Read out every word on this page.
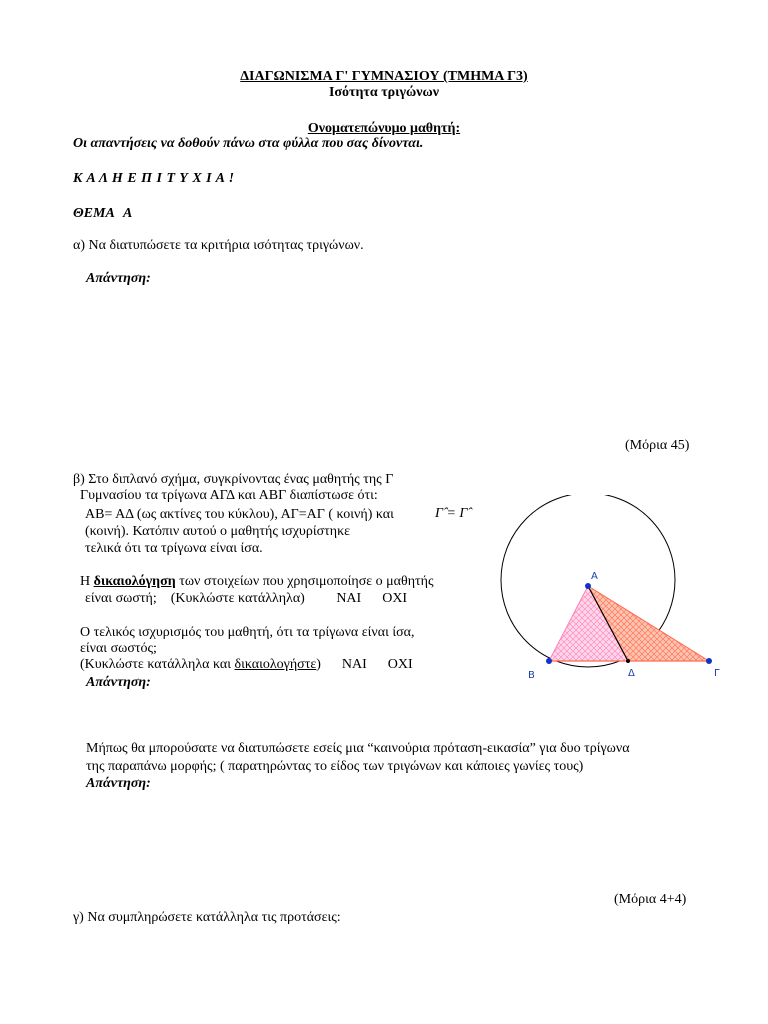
ΔΙΑΓΩΝΙΣΜΑ Γ' ΓΥΜΝΑΣΙΟΥ (ΤΜΗΜΑ Γ3)
Ισότητα τριγώνων
Ονοματεπώνυμο μαθητή:
Οι απαντήσεις να δοθούν πάνω στα φύλλα που σας δίνονται.
Κ Α Λ Η Ε Π Ι Τ Υ Χ Ι Α !
ΘΕΜΑ Α
α) Να διατυπώσετε τα κριτήρια ισότητας τριγώνων.
Απάντηση:
(Μόρια 45)
β) Στο διπλανό σχήμα, συγκρίνοντας ένας μαθητής της Γ
Γυμνασίου τα τρίγωνα ΑΓΔ και ΑΒΓ διαπίστωσε ότι:
ΑΒ= ΑΔ (ως ακτίνες του κύκλου), ΑΓ=ΑΓ ( κοινή) και	Γ̂ = Γ̂
(κοινή). Κατόπιν αυτού ο μαθητής ισχυρίστηκε
τελικά ότι τα τρίγωνα είναι ίσα.
Η δικαιολόγηση των στοιχείων που χρησιμοποίησε ο μαθητής
είναι σωστή;    (Κυκλώστε κατάλληλα)         ΝΑΙ      ΟΧΙ
Ο τελικός ισχυρισμός του μαθητή, ότι τα τρίγωνα είναι ίσα,
είναι σωστός;
(Κυκλώστε κατάλληλα και δικαιολογήστε)      ΝΑΙ      ΟΧΙ
Απάντηση:
Μήπως θα μπορούσατε να διατυπώσετε εσείς μια “καινούρια πρόταση-εικασία” για δυο τρίγωνα
της παραπάνω μορφής; ( παρατηρώντας το είδος των τριγώνων και κάποιες γωνίες τους)
Απάντηση:
(Μόρια 4+4)
γ) Να συμπληρώσετε κατάλληλα τις προτάσεις:
A
B	Δ	Γ
